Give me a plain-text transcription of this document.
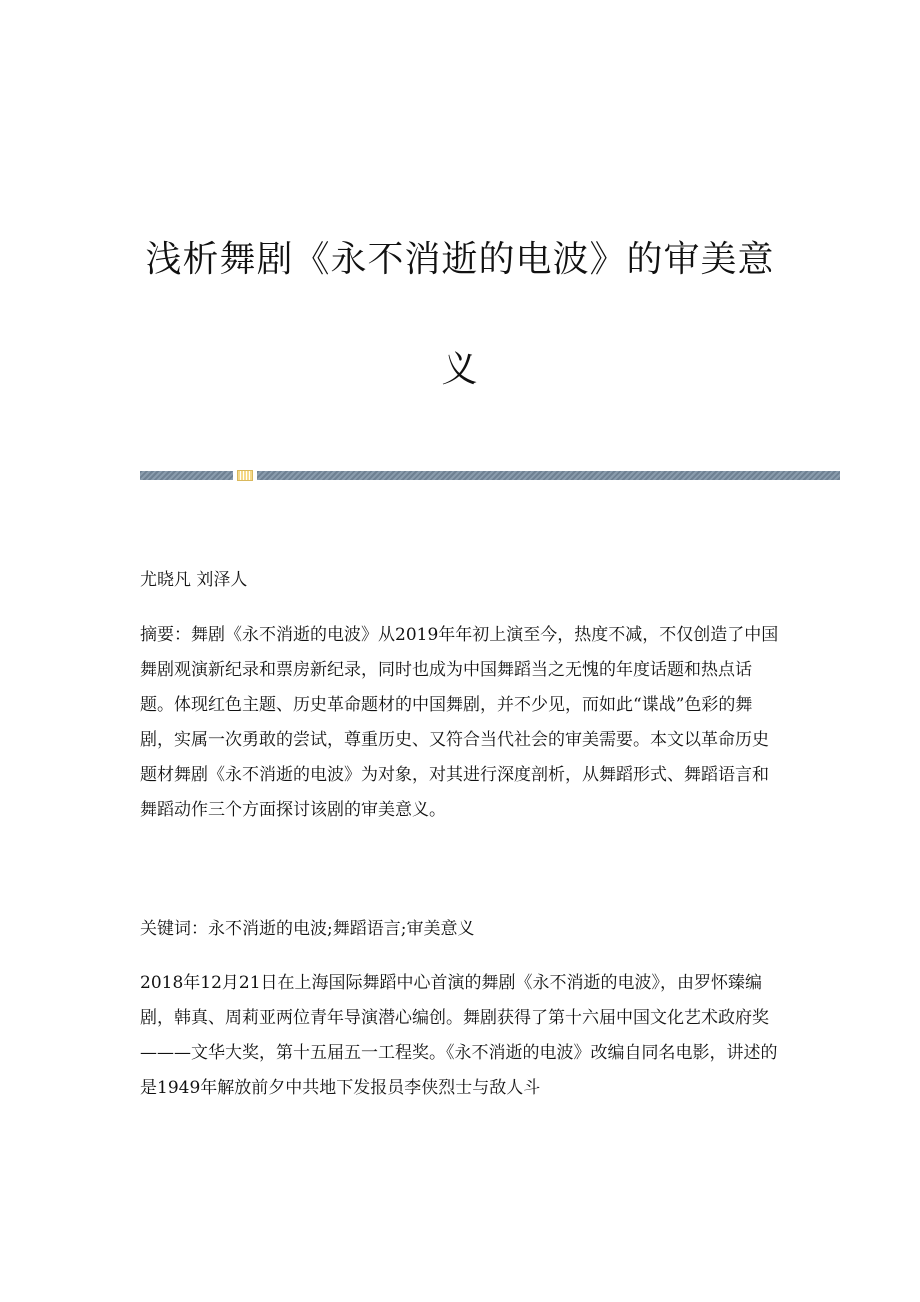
浅析舞剧《永不消逝的电波》的审美意义

尤晓凡 刘泽人

摘要：舞剧《永不消逝的电波》从2019年年初上演至今，热度不减，不仅创造了中国舞剧观演新纪录和票房新纪录，同时也成为中国舞蹈当之无愧的年度话题和热点话题。体现红色主题、历史革命题材的中国舞剧，并不少见，而如此“谍战”色彩的舞剧，实属一次勇敢的尝试，尊重历史、又符合当代社会的审美需要。本文以革命历史题材舞剧《永不消逝的电波》为对象，对其进行深度剖析，从舞蹈形式、舞蹈语言和舞蹈动作三个方面探讨该剧的审美意义。

关键词：永不消逝的电波;舞蹈语言;审美意义

2018年12月21日在上海国际舞蹈中心首演的舞剧《永不消逝的电波》，由罗怀臻编剧，韩真、周莉亚两位青年导演潜心编创。舞剧获得了第十六届中国文化艺术政府奖———文华大奖，第十五届五一工程奖。《永不消逝的电波》改编自同名电影，讲述的是1949年解放前夕中共地下发报员李侠烈士与敌人斗
